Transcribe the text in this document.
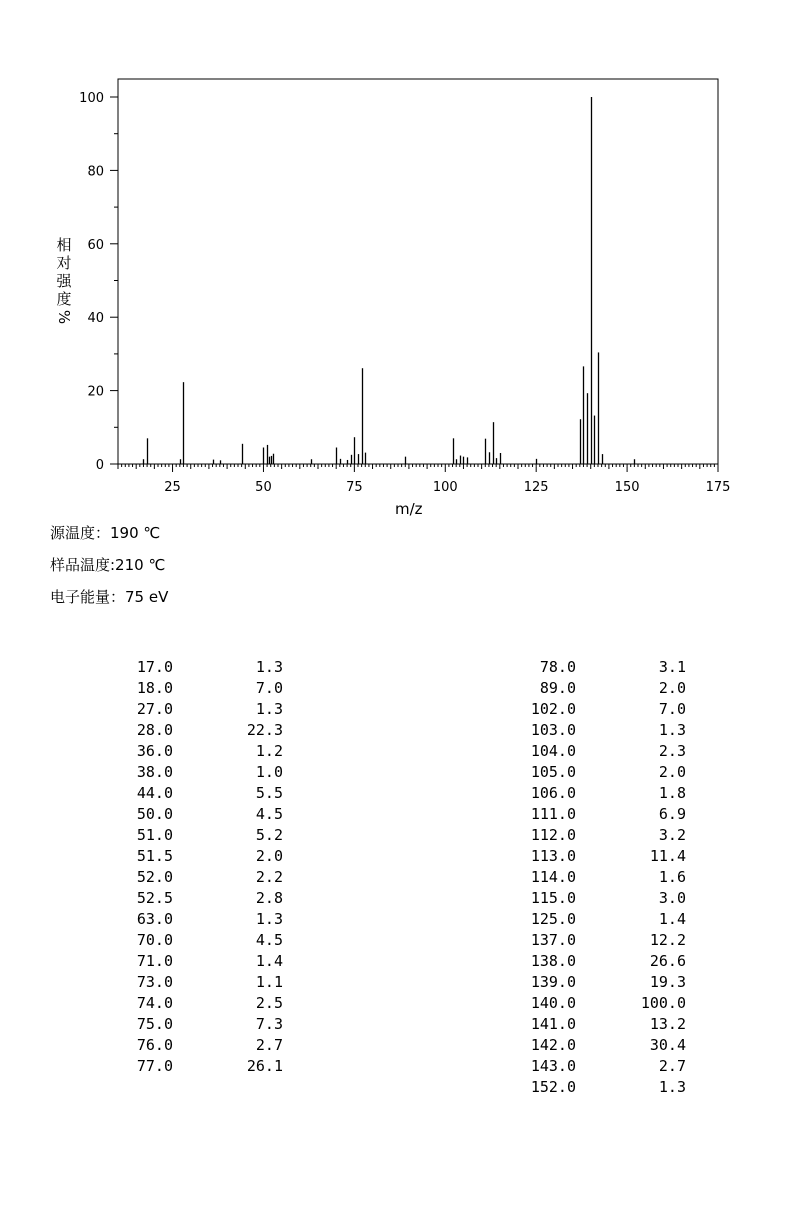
0
20
40
60
80
100
25	50	75	100	125	150	175
相
对
强
度
%
m/z
源温度：190 ℃
样品温度:210 ℃
电子能量：75 eV
17.0	1.3
18.0	7.0
27.0	1.3
28.0	22.3
36.0	1.2
38.0	1.0
44.0	5.5
50.0	4.5
51.0	5.2
51.5	2.0
52.0	2.2
52.5	2.8
63.0	1.3
70.0	4.5
71.0	1.4
73.0	1.1
74.0	2.5
75.0	7.3
76.0	2.7
77.0	26.1
78.0	3.1
89.0	2.0
102.0	7.0
103.0	1.3
104.0	2.3
105.0	2.0
106.0	1.8
111.0	6.9
112.0	3.2
113.0	11.4
114.0	1.6
115.0	3.0
125.0	1.4
137.0	12.2
138.0	26.6
139.0	19.3
140.0	100.0
141.0	13.2
142.0	30.4
143.0	2.7
152.0	1.3
